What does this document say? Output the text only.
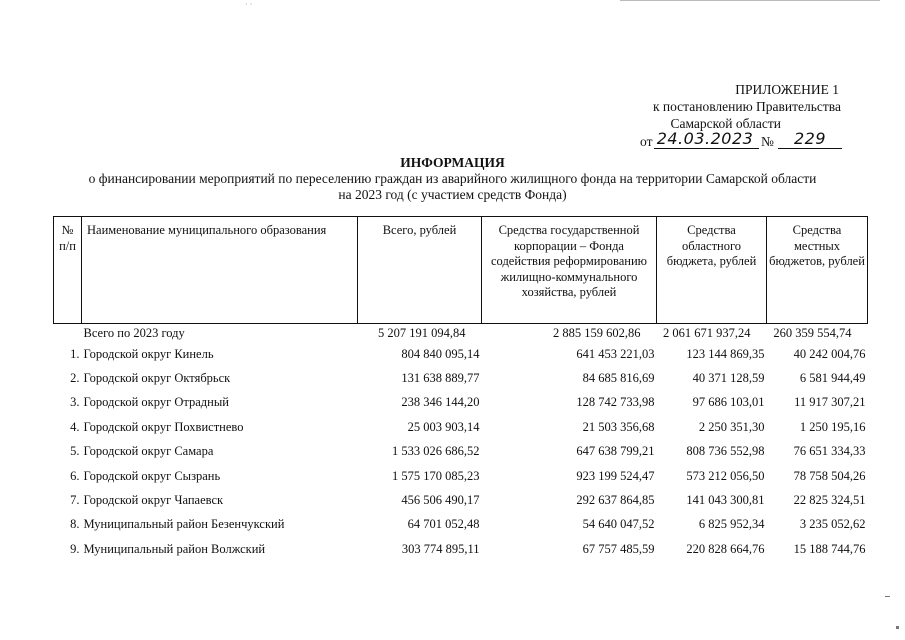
· ·
ПРИЛОЖЕНИЕ 1
к постановлению Правительства
Самарской области
от 24.03.2023 №	229
ИНФОРМАЦИЯ
о финансировании мероприятий по переселению граждан из аварийного жилищного фонда на территории Самарской области
на 2023 год (с участием средств Фонда)
№ п/п	Наименование муниципального образования	Всего, рублей	Средства государственной корпорации – Фонда содействия реформированию жилищно-коммунального хозяйства, рублей	Средства областного бюджета, рублей	Средства местных бюджетов, рублей
	Всего по 2023 году	5 207 191 094,84	2 885 159 602,86	2 061 671 937,24	260 359 554,74
1.	Городской округ Кинель	804 840 095,14	641 453 221,03	123 144 869,35	40 242 004,76
2.	Городской округ Октябрьск	131 638 889,77	84 685 816,69	40 371 128,59	6 581 944,49
3.	Городской округ Отрадный	238 346 144,20	128 742 733,98	97 686 103,01	11 917 307,21
4.	Городской округ Похвистнево	25 003 903,14	21 503 356,68	2 250 351,30	1 250 195,16
5.	Городской округ Самара	1 533 026 686,52	647 638 799,21	808 736 552,98	76 651 334,33
6.	Городской округ Сызрань	1 575 170 085,23	923 199 524,47	573 212 056,50	78 758 504,26
7.	Городской округ Чапаевск	456 506 490,17	292 637 864,85	141 043 300,81	22 825 324,51
8.	Муниципальный район Безенчукский	64 701 052,48	54 640 047,52	6 825 952,34	3 235 052,62
9.	Муниципальный район Волжский	303 774 895,11	67 757 485,59	220 828 664,76	15 188 744,76
